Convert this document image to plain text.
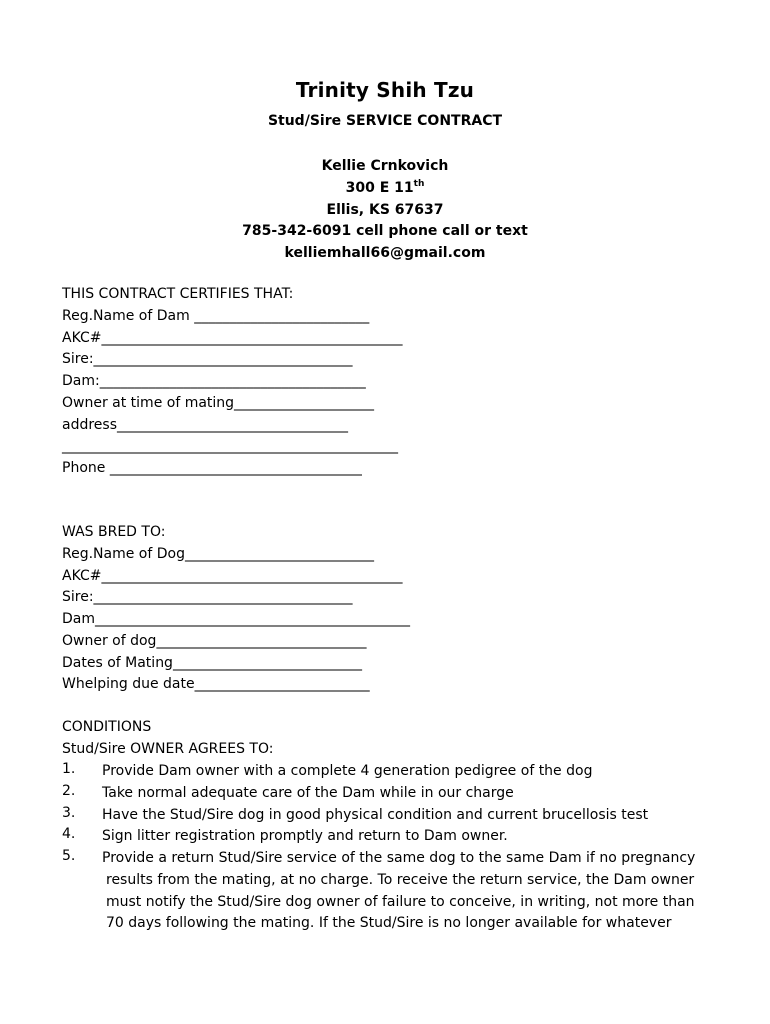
Trinity Shih Tzu
Stud/Sire SERVICE CONTRACT
Kellie Crnkovich
300 E 11th
Ellis, KS 67637
785-342-6091 cell phone call or text
kelliemhall66@gmail.com
THIS CONTRACT CERTIFIES THAT:
Reg.Name of Dam _________________________
AKC#___________________________________________
Sire:_____________________________________
Dam:______________________________________
Owner at time of mating____________________
address_________________________________
________________________________________________
Phone ____________________________________
WAS BRED TO:
Reg.Name of Dog___________________________
AKC#___________________________________________
Sire:_____________________________________
Dam_____________________________________________
Owner of dog______________________________
Dates of Mating___________________________
Whelping due date_________________________
CONDITIONS
Stud/Sire OWNER AGREES TO:
1. Provide Dam owner with a complete 4 generation pedigree of the dog
2. Take normal adequate care of the Dam while in our charge
3. Have the Stud/Sire dog in good physical condition and current brucellosis test
4. Sign litter registration promptly and return to Dam owner.
5. Provide a return Stud/Sire service of the same dog to the same Dam if no pregnancy
results from the mating, at no charge. To receive the return service, the Dam owner
must notify the Stud/Sire dog owner of failure to conceive, in writing, not more than
70 days following the mating. If the Stud/Sire is no longer available for whatever
